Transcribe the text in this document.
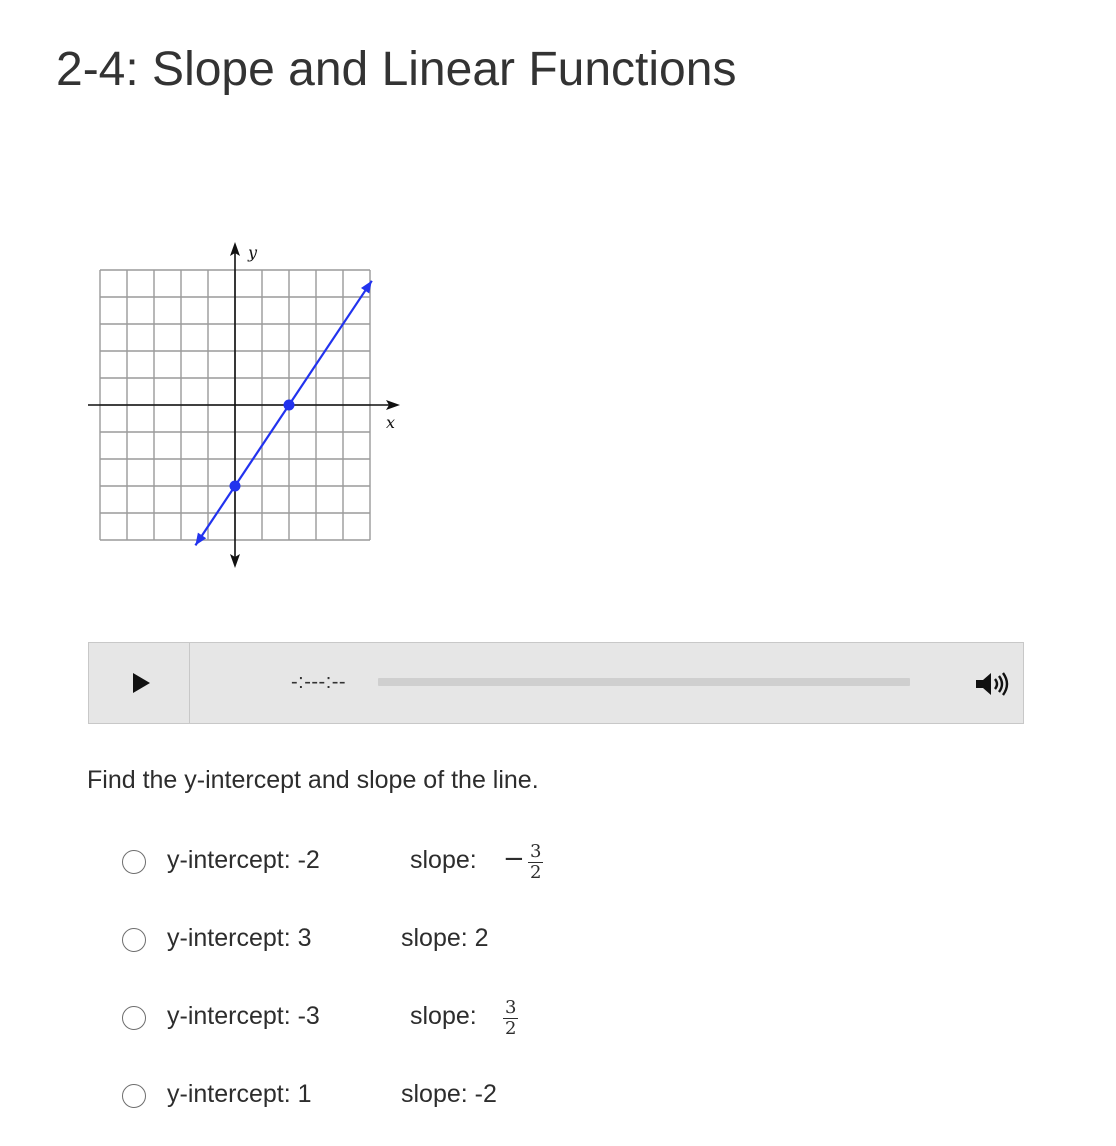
2-4: Slope and Linear Functions
y
x
-:---:--
Find the y-intercept and slope of the line.
y-intercept: -2	slope: − $\frac{3}{2}$
y-intercept: 3	slope: 2
y-intercept: -3	slope: $\frac{3}{2}$
y-intercept: 1	slope: -2
